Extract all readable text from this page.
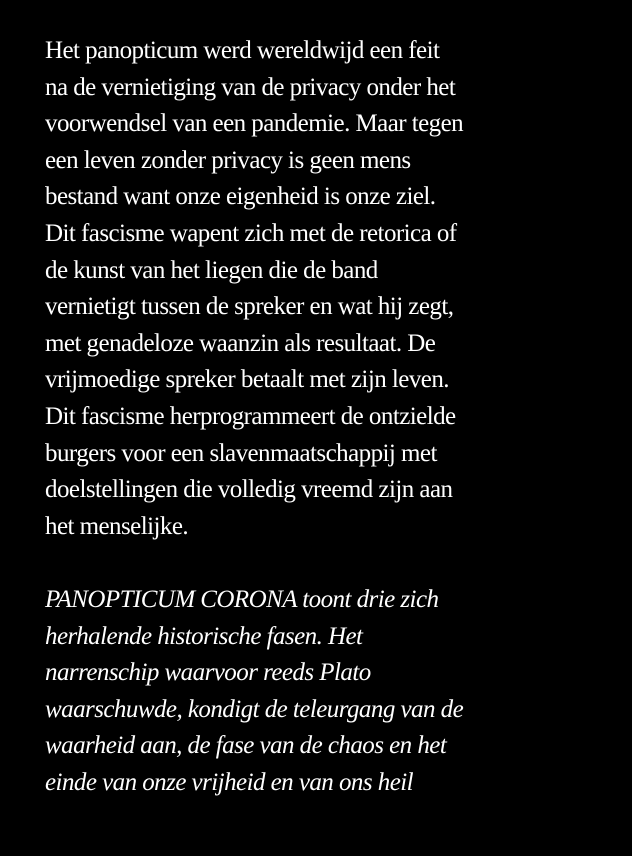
Het panopticum werd wereldwijd een feit
na de vernietiging van de privacy onder het
voorwendsel van een pandemie. Maar tegen
een leven zonder privacy is geen mens
bestand want onze eigenheid is onze ziel.
Dit fascisme wapent zich met de retorica of
de kunst van het liegen die de band
vernietigt tussen de spreker en wat hij zegt,
met genadeloze waanzin als resultaat. De
vrijmoedige spreker betaalt met zijn leven.
Dit fascisme herprogrammeert de ontzielde
burgers voor een slavenmaatschappij met
doelstellingen die volledig vreemd zijn aan
het menselijke.
PANOPTICUM CORONA toont drie zich
herhalende historische fasen. Het
narrenschip waarvoor reeds Plato
waarschuwde, kondigt de teleurgang van de
waarheid aan, de fase van de chaos en het
einde van onze vrijheid en van ons heil
